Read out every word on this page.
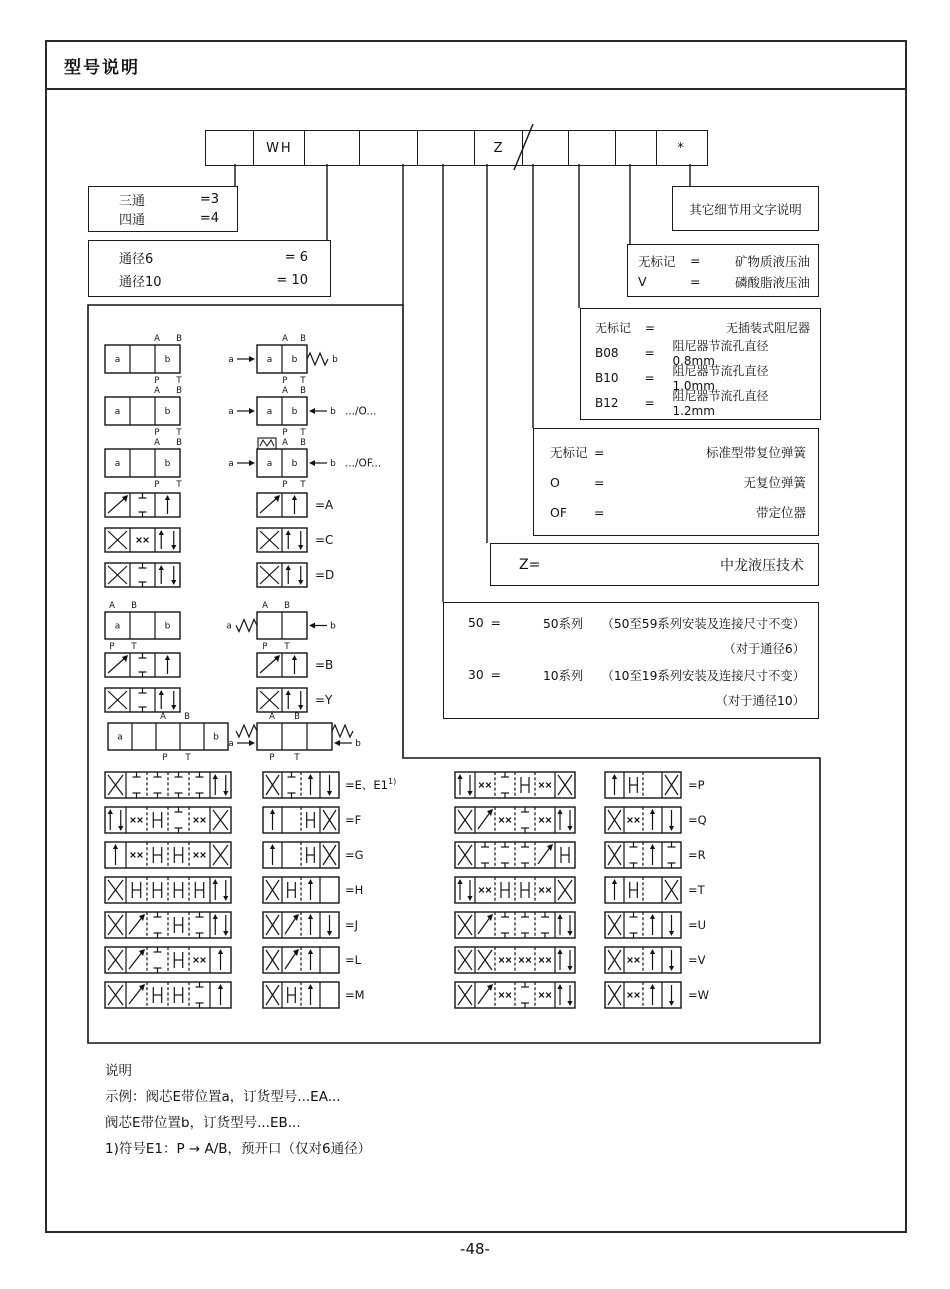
型号说明
WH	Z	*
三通	=3
四通	=4
通径6	= 6
通径10	= 10
其它细节用文字说明
无标记	=	矿物质液压油
V	=	磷酸脂液压油
无标记	=	无插装式阻尼器
B08	=	阻尼器节流孔直径0.8mm
B10	=	阻尼器节流孔直径1.0mm
B12	=	阻尼器节流孔直径1.2mm
无标记 =	标准型带复位弹簧
O	=	无复位弹簧
OF	=	带定位器
Z=	中龙液压技术
50 =	50系列 （50至59系列安装及连接尺寸不变）
（对于通径6）
30 =	10系列 （10至19系列安装及连接尺寸不变）
（对于通径10）
说明
示例：阀芯E带位置a，订货型号...EA...
阀芯E带位置b，订货型号...EB...
1)符号E1：P → A/B，预开口（仅对6通径）
-48-
a	b
A B
P T
a b	b
a
A B
P T
a	b
A B
P T
a b
a	b
A B
P T
.../O...
a	b
A B
P T
a b
a	b
A B
P T
.../OF...
=A
=C
=D
=B
=Y
a	b
A B
P T
a	b
A B
P T
a	b
A B
P T
a	b
A B
P T
=E、$E1^{1)}$
=F
=G
=H
=J
=L
=M
=P
=Q
=R
=T
=U
=V
=W
